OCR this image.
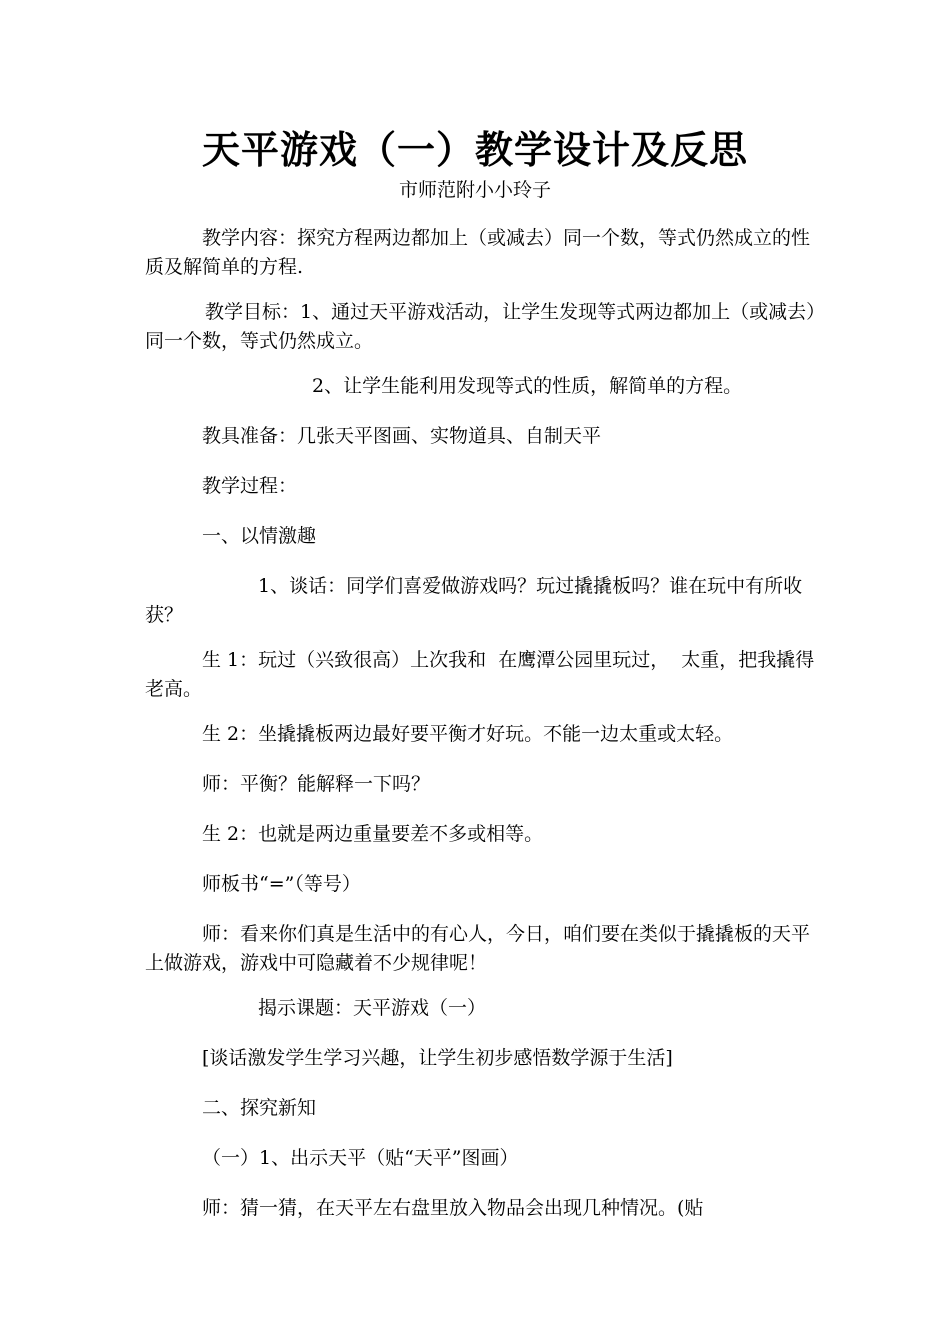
天平游戏（一）教学设计及反思
市师范附小小玲子

教学内容：探究方程两边都加上（或减去）同一个数，等式仍然成立的性质及解简单的方程.

教学目标：1、通过天平游戏活动，让学生发现等式两边都加上（或减去）同一个数，等式仍然成立。

2、让学生能利用发现等式的性质，解简单的方程。

教具准备：几张天平图画、实物道具、自制天平

教学过程：

一、以情激趣

1、谈话：同学们喜爱做游戏吗？玩过撬撬板吗？谁在玩中有所收获？

生 1：玩过（兴致很高）上次我和  在鹰潭公园里玩过，  太重，把我撬得老高。

生 2：坐撬撬板两边最好要平衡才好玩。不能一边太重或太轻。

师：平衡？能解释一下吗？

生 2：也就是两边重量要差不多或相等。

师板书“=”（等号）

师：看来你们真是生活中的有心人，今日，咱们要在类似于撬撬板的天平上做游戏，游戏中可隐藏着不少规律呢！

揭示课题：天平游戏（一）

[谈话激发学生学习兴趣，让学生初步感悟数学源于生活]

二、探究新知

（一）1、出示天平（贴“天平”图画）

师：猜一猜，在天平左右盘里放入物品会出现几种情况。(贴
